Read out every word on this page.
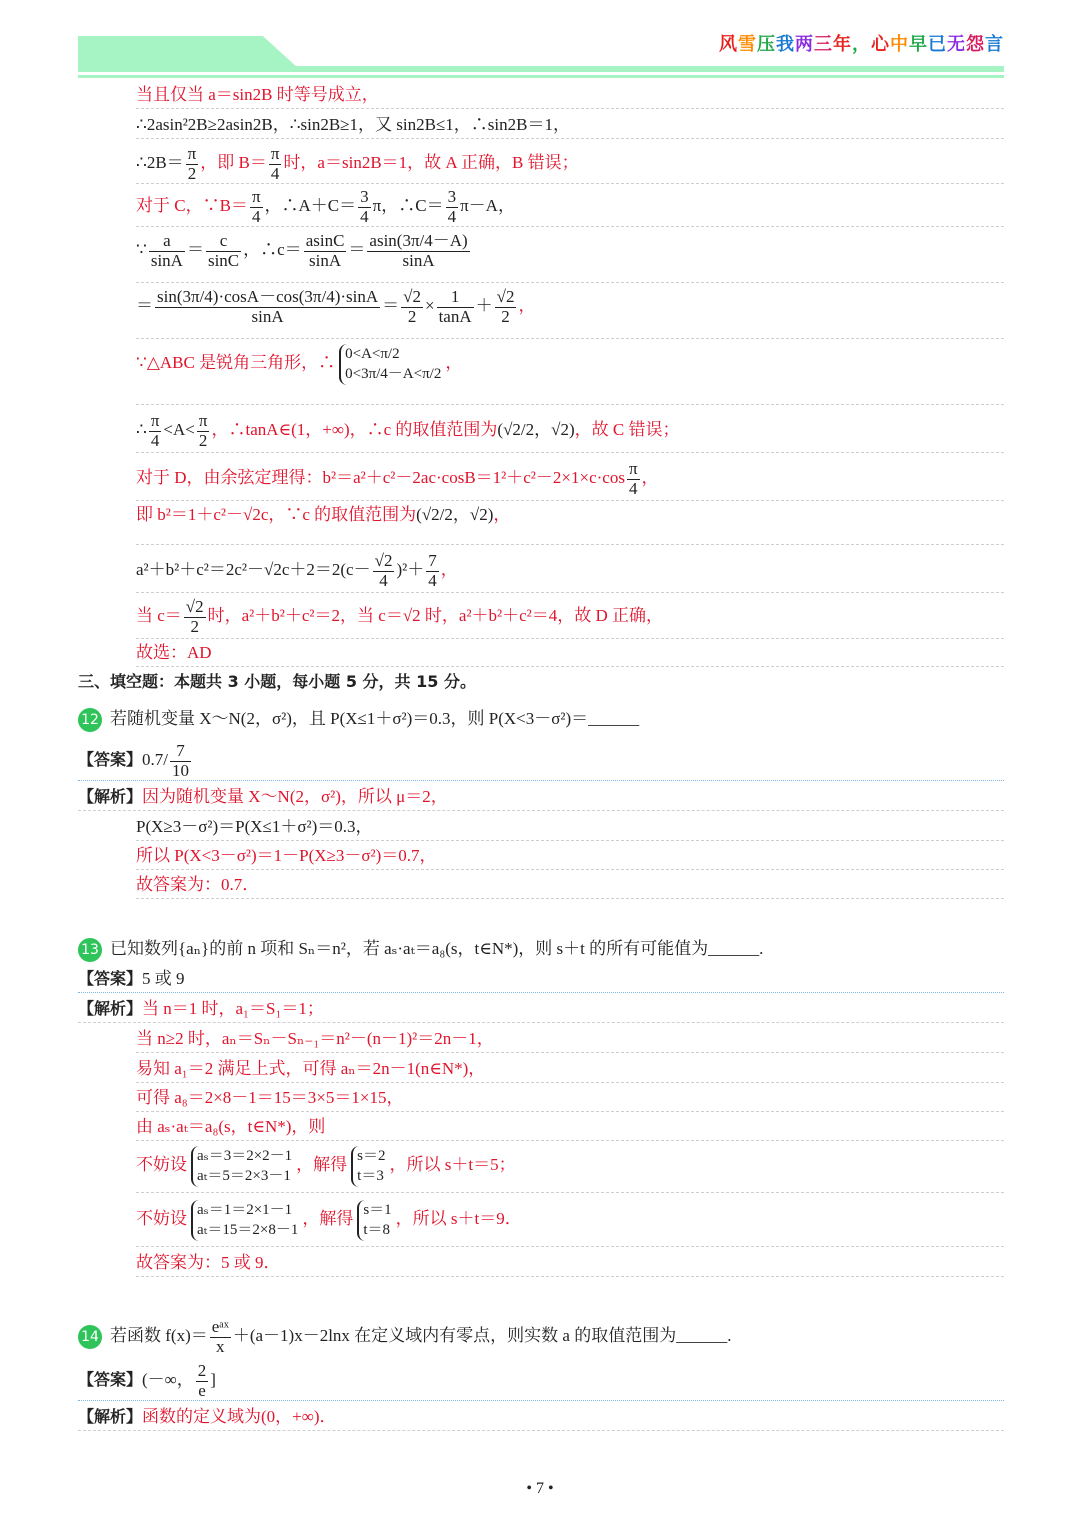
风雪压我两三年，心中早已无怨言
当且仅当 a＝sin2B 时等号成立，
∴2asin²2B≥2asin2B，∴sin2B≥1，又 sin2B≤1，∴sin2B＝1，
∴2B＝ $\frac{\pi}{2}$ ，即 $B= \frac{\pi}{4}$ 时，a＝sin2B＝1，故 A 正确，B 错误；
对于 C，∵B＝ $\frac{\pi}{4}$ ，∴A＋C＝ $\frac{3}{4}$ π，∴C＝ $\frac{3}{4} \pi-A$，
∵ $\frac{a}{\sin A} = \frac{c}{\sin C}$ ，∴c＝ $\frac{asinC}{\sin A} = \frac{asin(3\pi/4-A)}{\sin A}$
＝ $\frac{\sin(3\pi/4)\cdot\cos A-\cos(3\pi/4)\cdot\sin A}{\sin A} = \frac{√2}{2} \times \frac{1}{\tan A} + \frac{√2}{2}$ ，
∵△ABC 是锐角三角形，∴ 0<A<π/2
0<3π/4－A<π/2
，
∴ $\frac{\pi}{4} <A< \frac{\pi}{2}$ ，∴tanA∈(1，+∞)，∴c 的取值范围为(√2/2，√2)，故 C 错误；
对于 D，由余弦定理得：$b^2=a^2+c^2-2ac\cdot\cos B=1^2+c^2-2\times 1\times c\cdot\cos \frac{\pi}{4}$ ，
即 b²＝1＋c²－√2c，∵c 的取值范围为(√2/2，√2)，
$a^2+b^2+c^2=2c^2-√2c+2=2(c- \frac{√2}{4} )^2+ \frac{7}{4}$ ，
当 $c= \frac{√2}{2}$ 时，a²＋b²＋c²＝2，当 c＝√2 时，a²＋b²＋c²＝4，故 D 正确，
故选：AD
三、填空题：本题共 3 小题，每小题 5 分，共 15 分。
12 若随机变量 X～N(2，σ²)，且 P(X≤1＋σ²)＝0.3，则 P(X<3－σ²)＝______
【答案】$0.7/ \frac{7}{10}$
【解析】因为随机变量 X～N(2，σ²)，所以 μ＝2，
P(X≥3－σ²)＝P(X≤1＋σ²)＝0.3，
所以 P(X<3－σ²)＝1－P(X≥3－σ²)＝0.7，
故答案为：0.7．
13 已知数列{aₙ}的前 n 项和 Sₙ＝n²，若 aₛ·aₜ＝a₈(s，t∈N*)，则 s＋t 的所有可能值为______.
【答案】5 或 9
【解析】当 n＝1 时，a₁＝S₁＝1；
当 n≥2 时，aₙ＝Sₙ－Sₙ₋₁＝n²－(n－1)²＝2n－1，
易知 a₁＝2 满足上式，可得 aₙ＝2n－1(n∈N*)，
可得 a₈＝2×8－1＝15＝3×5＝1×15，
由 aₛ·aₜ＝a₈(s，t∈N*)，则
不妨设 aₛ＝3＝2×2－1
aₜ＝5＝2×3－1
，解得 s＝2
t＝3
，所以 s＋t＝5；
不妨设 aₛ＝1＝2×1－1
aₜ＝15＝2×8－1
，解得 s＝1
t＝8
，所以 s＋t＝9．
故答案为：5 或 9．
14 若函数 $f(x)= \frac{\text{eᵃˣ}}{x} +(a-1)x-2\ln x$ 在定义域内有零点，则实数 a 的取值范围为______.
【答案】(－∞， $\frac{2}{e}$ ]
【解析】函数的定义域为(0，+∞)．
• 7 •
